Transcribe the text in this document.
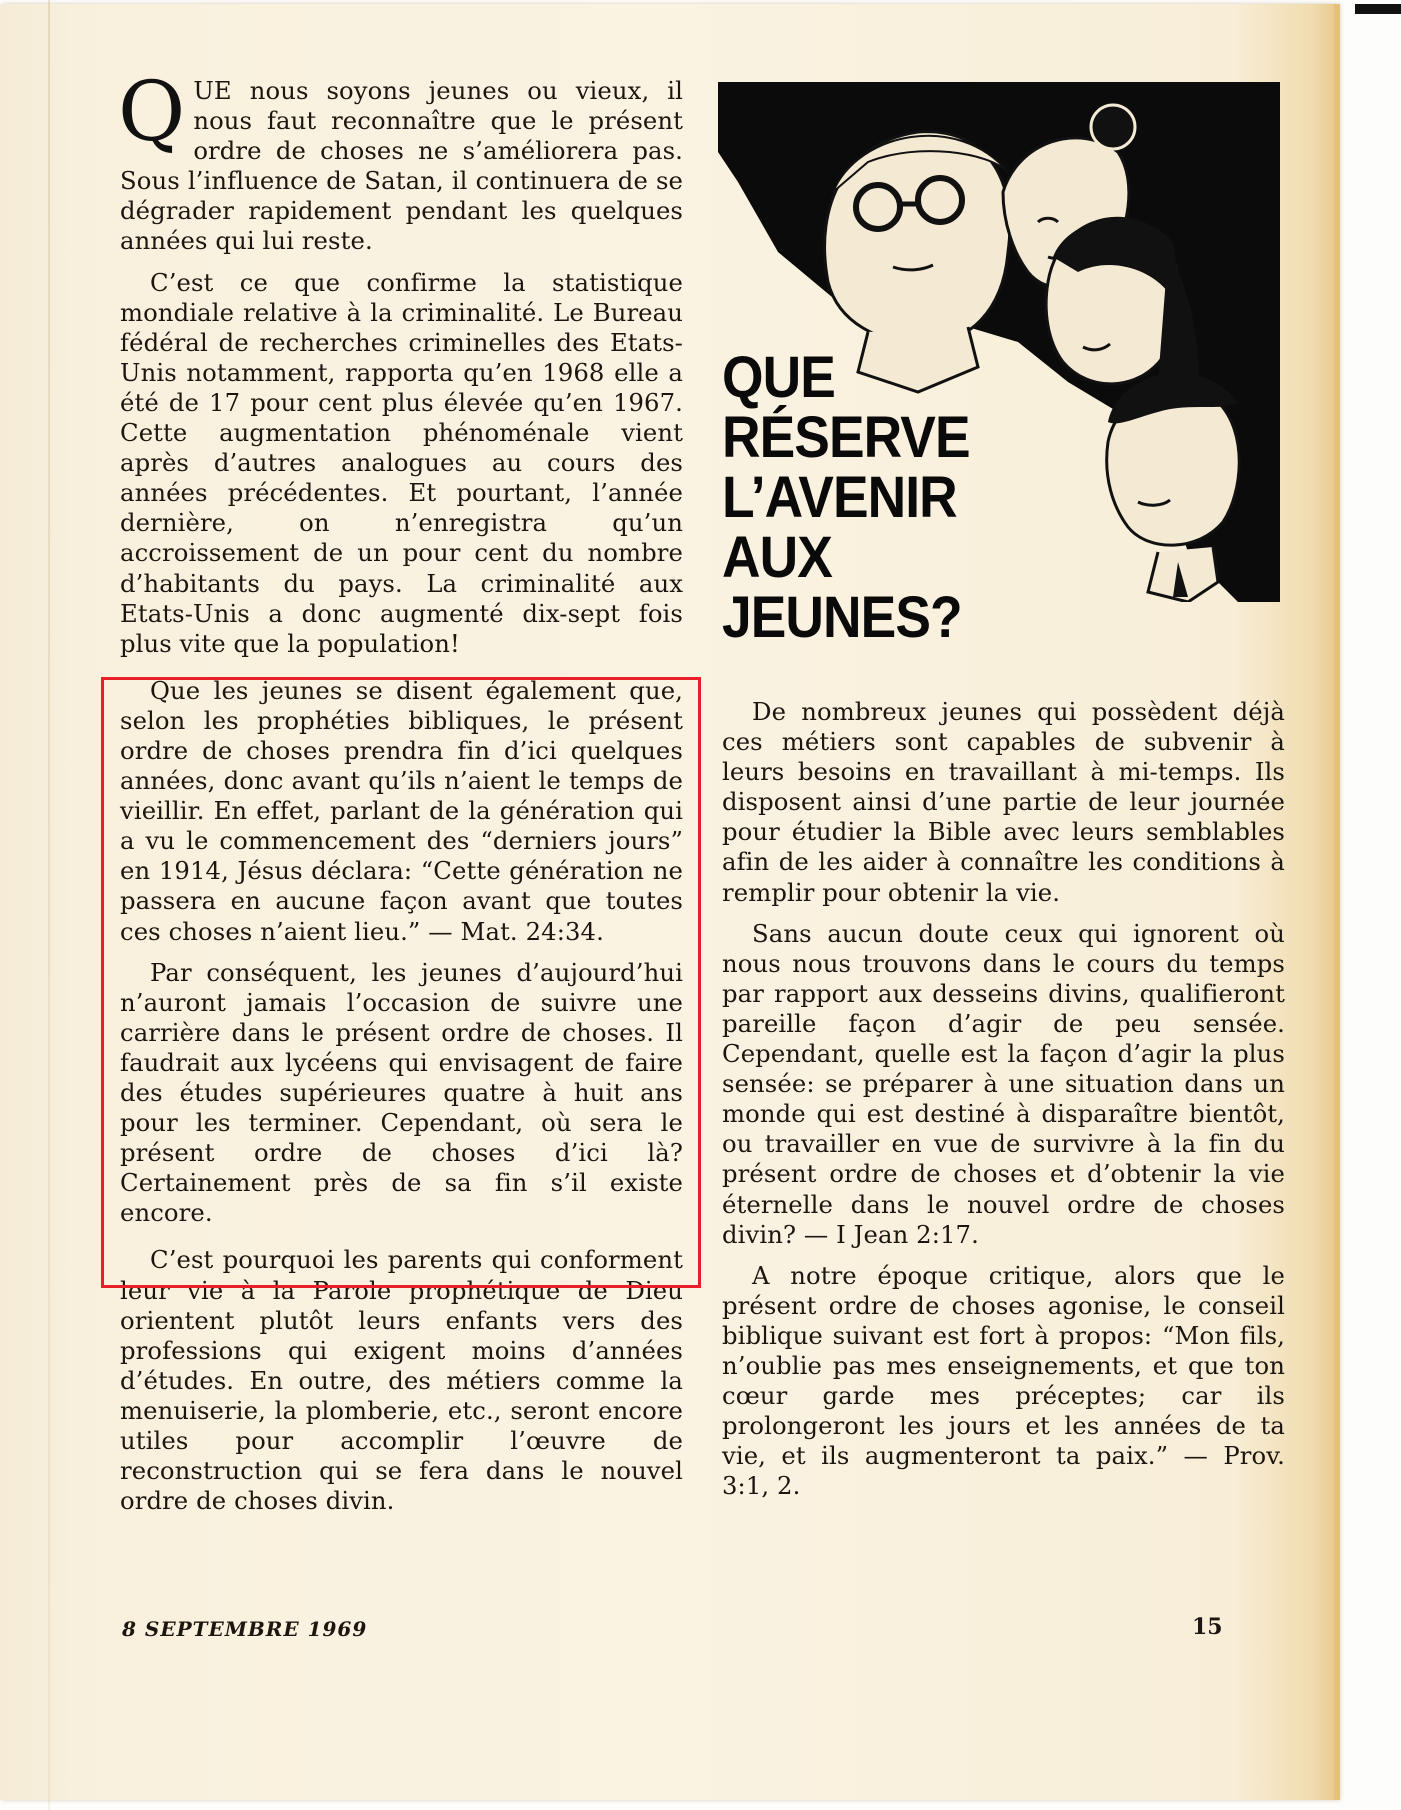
QUE
RÉSERVE
L’AVENIR
AUX
JEUNES?

QUE nous soyons jeunes ou vieux, il nous faut reconnaître que le présent ordre de choses ne s’améliorera pas. Sous l’influence de Satan, il continuera de se dégrader rapidement pendant les quelques années qui lui reste.

C’est ce que confirme la statistique mondiale relative à la criminalité. Le Bureau fédéral de recherches criminelles des Etats-Unis notamment, rapporta qu’en 1968 elle a été de 17 pour cent plus élevée qu’en 1967. Cette augmentation phénoménale vient après d’autres analogues au cours des années précédentes. Et pourtant, l’année dernière, on n’enregistra qu’un accroissement de un pour cent du nombre d’habitants du pays. La criminalité aux Etats-Unis a donc augmenté dix-sept fois plus vite que la population!

Que les jeunes se disent également que, selon les prophéties bibliques, le présent ordre de choses prendra fin d’ici quelques années, donc avant qu’ils n’aient le temps de vieillir. En effet, parlant de la génération qui a vu le commencement des “derniers jours” en 1914, Jésus déclara: “Cette génération ne passera en aucune façon avant que toutes ces choses n’aient lieu.” — Mat. 24:34.

Par conséquent, les jeunes d’aujourd’hui n’auront jamais l’occasion de suivre une carrière dans le présent ordre de choses. Il faudrait aux lycéens qui envisagent de faire des études supérieures quatre à huit ans pour les terminer. Cependant, où sera le présent ordre de choses d’ici là? Certainement près de sa fin s’il existe encore.

C’est pourquoi les parents qui conforment leur vie à la Parole prophétique de Dieu orientent plutôt leurs enfants vers des professions qui exigent moins d’années d’études. En outre, des métiers comme la menuiserie, la plomberie, etc., seront encore utiles pour accomplir l’œuvre de reconstruction qui se fera dans le nouvel ordre de choses divin.

De nombreux jeunes qui possèdent déjà ces métiers sont capables de subvenir à leurs besoins en travaillant à mi-temps. Ils disposent ainsi d’une partie de leur journée pour étudier la Bible avec leurs semblables afin de les aider à connaître les conditions à remplir pour obtenir la vie.

Sans aucun doute ceux qui ignorent où nous nous trouvons dans le cours du temps par rapport aux desseins divins, qualifieront pareille façon d’agir de peu sensée. Cependant, quelle est la façon d’agir la plus sensée: se préparer à une situation dans un monde qui est destiné à disparaître bientôt, ou travailler en vue de survivre à la fin du présent ordre de choses et d’obtenir la vie éternelle dans le nouvel ordre de choses divin? — I Jean 2:17.

A notre époque critique, alors que le présent ordre de choses agonise, le conseil biblique suivant est fort à propos: “Mon fils, n’oublie pas mes enseignements, et que ton cœur garde mes préceptes; car ils prolongeront les jours et les années de ta vie, et ils augmenteront ta paix.” — Prov. 3:1, 2.

8 SEPTEMBRE 1969	15
